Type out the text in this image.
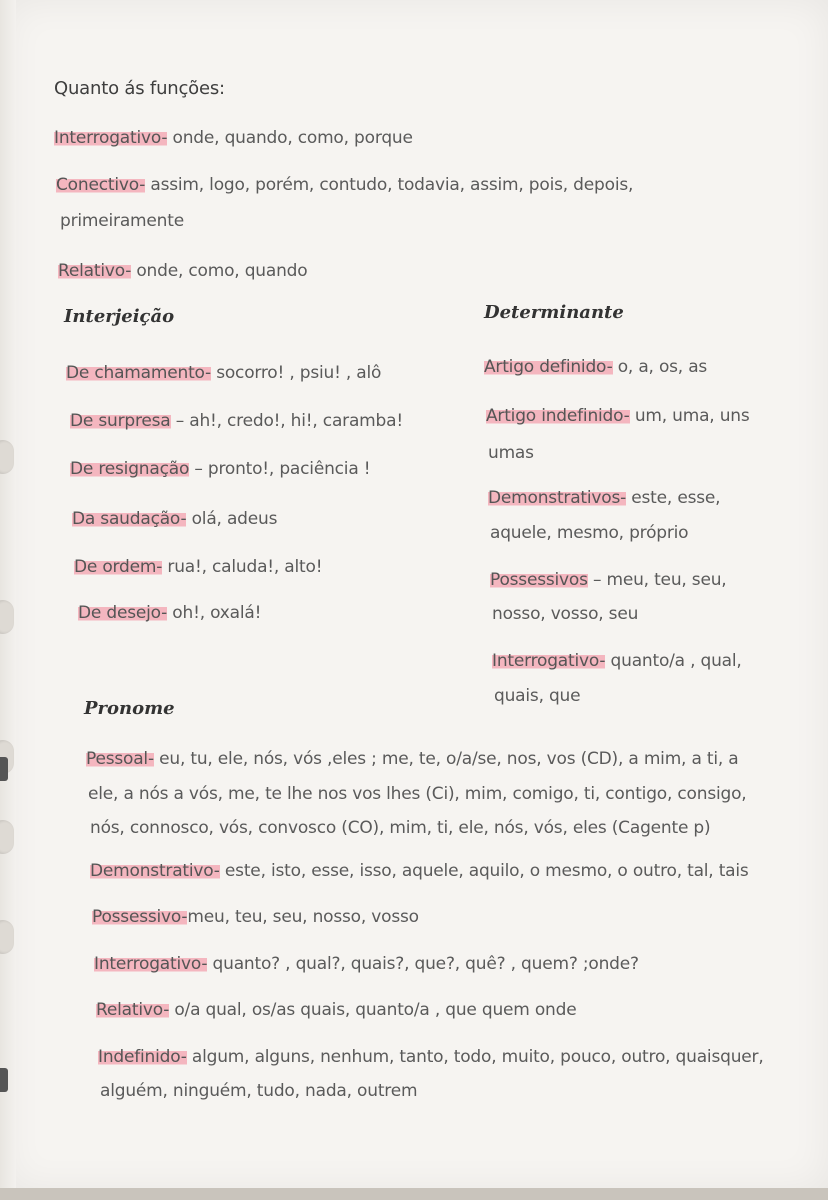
Quanto ás funções:
Interrogativo- onde, quando, como, porque
Conectivo- assim, logo, porém, contudo, todavia, assim, pois, depois,
primeiramente
Relativo- onde, como, quando
Interjeição
De chamamento- socorro! , psiu! , alô
De surpresa – ah!, credo!, hi!, caramba!
De resignação – pronto!, paciência !
Da saudação- olá, adeus
De ordem- rua!, caluda!, alto!
De desejo- oh!, oxalá!
Determinante
Artigo definido- o, a, os, as
Artigo indefinido- um, uma, uns
umas
Demonstrativos- este, esse,
aquele, mesmo, próprio
Possessivos – meu, teu, seu,
nosso, vosso, seu
Interrogativo- quanto/a , qual,
quais, que
Pronome
Pessoal- eu, tu, ele, nós, vós ,eles ; me, te, o/a/se, nos, vos (CD), a mim, a ti, a
ele, a nós a vós, me, te lhe nos vos lhes (Ci), mim, comigo, ti, contigo, consigo,
nós, connosco, vós, convosco (CO), mim, ti, ele, nós, vós, eles (Cagente p)
Demonstrativo- este, isto, esse, isso, aquele, aquilo, o mesmo, o outro, tal, tais
Possessivo-meu, teu, seu, nosso, vosso
Interrogativo- quanto? , qual?, quais?, que?, quê? , quem? ;onde?
Relativo- o/a qual, os/as quais, quanto/a , que quem onde
Indefinido- algum, alguns, nenhum, tanto, todo, muito, pouco, outro, quaisquer,
alguém, ninguém, tudo, nada, outrem
